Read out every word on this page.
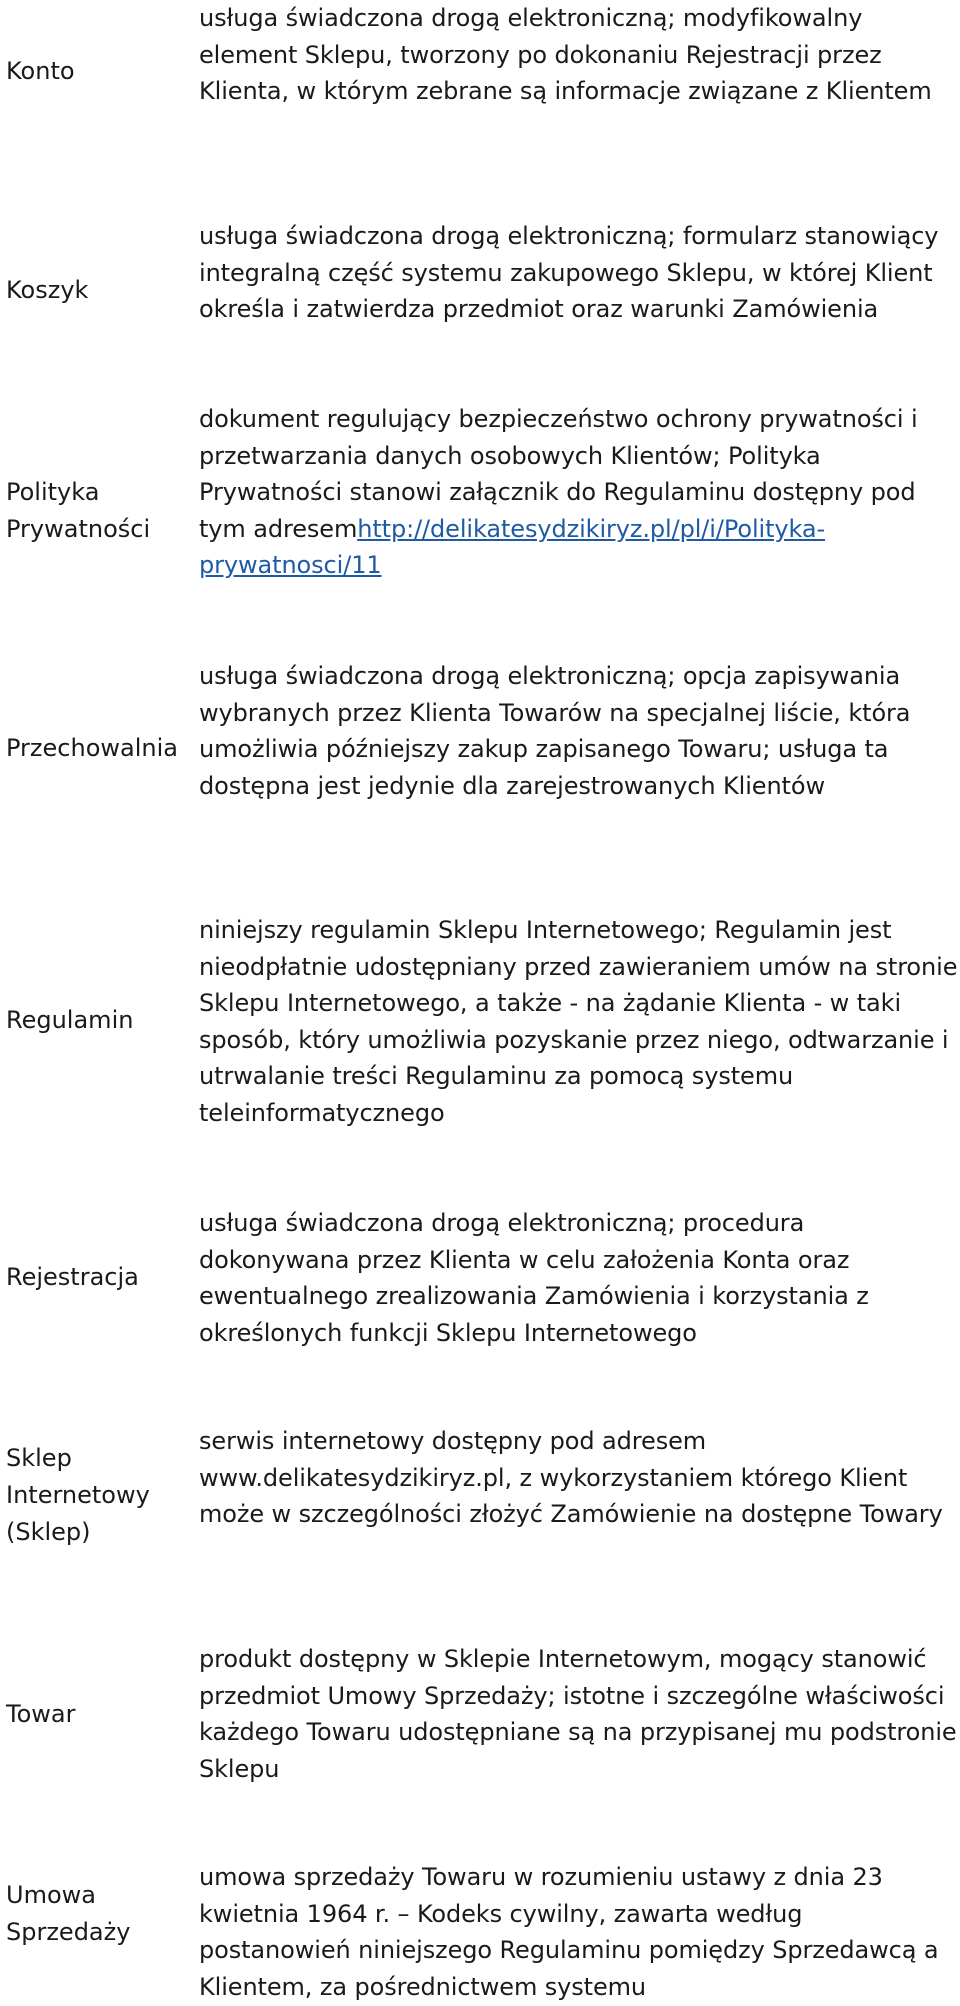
Konto
usługa świadczona drogą elektroniczną; modyfikowalny element Sklepu, tworzony po dokonaniu Rejestracji przez Klienta, w którym zebrane są informacje związane z Klientem
Koszyk
usługa świadczona drogą elektroniczną; formularz stanowiący integralną część systemu zakupowego Sklepu, w której Klient określa i zatwierdza przedmiot oraz warunki Zamówienia
Polityka
Prywatności
dokument regulujący bezpieczeństwo ochrony prywatności i przetwarzania danych osobowych Klientów; Polityka Prywatności stanowi załącznik do Regulaminu dostępny pod tym adresemhttp://delikatesydzikiryz.pl/pl/i/Polityka-prywatnosci/11
Przechowalnia
usługa świadczona drogą elektroniczną; opcja zapisywania wybranych przez Klienta Towarów na specjalnej liście, która umożliwia późniejszy zakup zapisanego Towaru; usługa ta dostępna jest jedynie dla zarejestrowanych Klientów
Regulamin
niniejszy regulamin Sklepu Internetowego; Regulamin jest nieodpłatnie udostępniany przed zawieraniem umów na stronie Sklepu Internetowego, a także - na żądanie Klienta - w taki sposób, który umożliwia pozyskanie przez niego, odtwarzanie i utrwalanie treści Regulaminu za pomocą systemu teleinformatycznego
Rejestracja
usługa świadczona drogą elektroniczną; procedura dokonywana przez Klienta w celu założenia Konta oraz ewentualnego zrealizowania Zamówienia i korzystania z określonych funkcji Sklepu Internetowego
Sklep
Internetowy
(Sklep)
serwis internetowy dostępny pod adresem www.delikatesydzikiryz.pl, z wykorzystaniem którego Klient może w szczególności złożyć Zamówienie na dostępne Towary
Towar
produkt dostępny w Sklepie Internetowym, mogący stanowić przedmiot Umowy Sprzedaży; istotne i szczególne właściwości każdego Towaru udostępniane są na przypisanej mu podstronie Sklepu
Umowa
Sprzedaży
umowa sprzedaży Towaru w rozumieniu ustawy z dnia 23 kwietnia 1964 r. – Kodeks cywilny, zawarta według postanowień niniejszego Regulaminu pomiędzy Sprzedawcą a Klientem, za pośrednictwem systemu
